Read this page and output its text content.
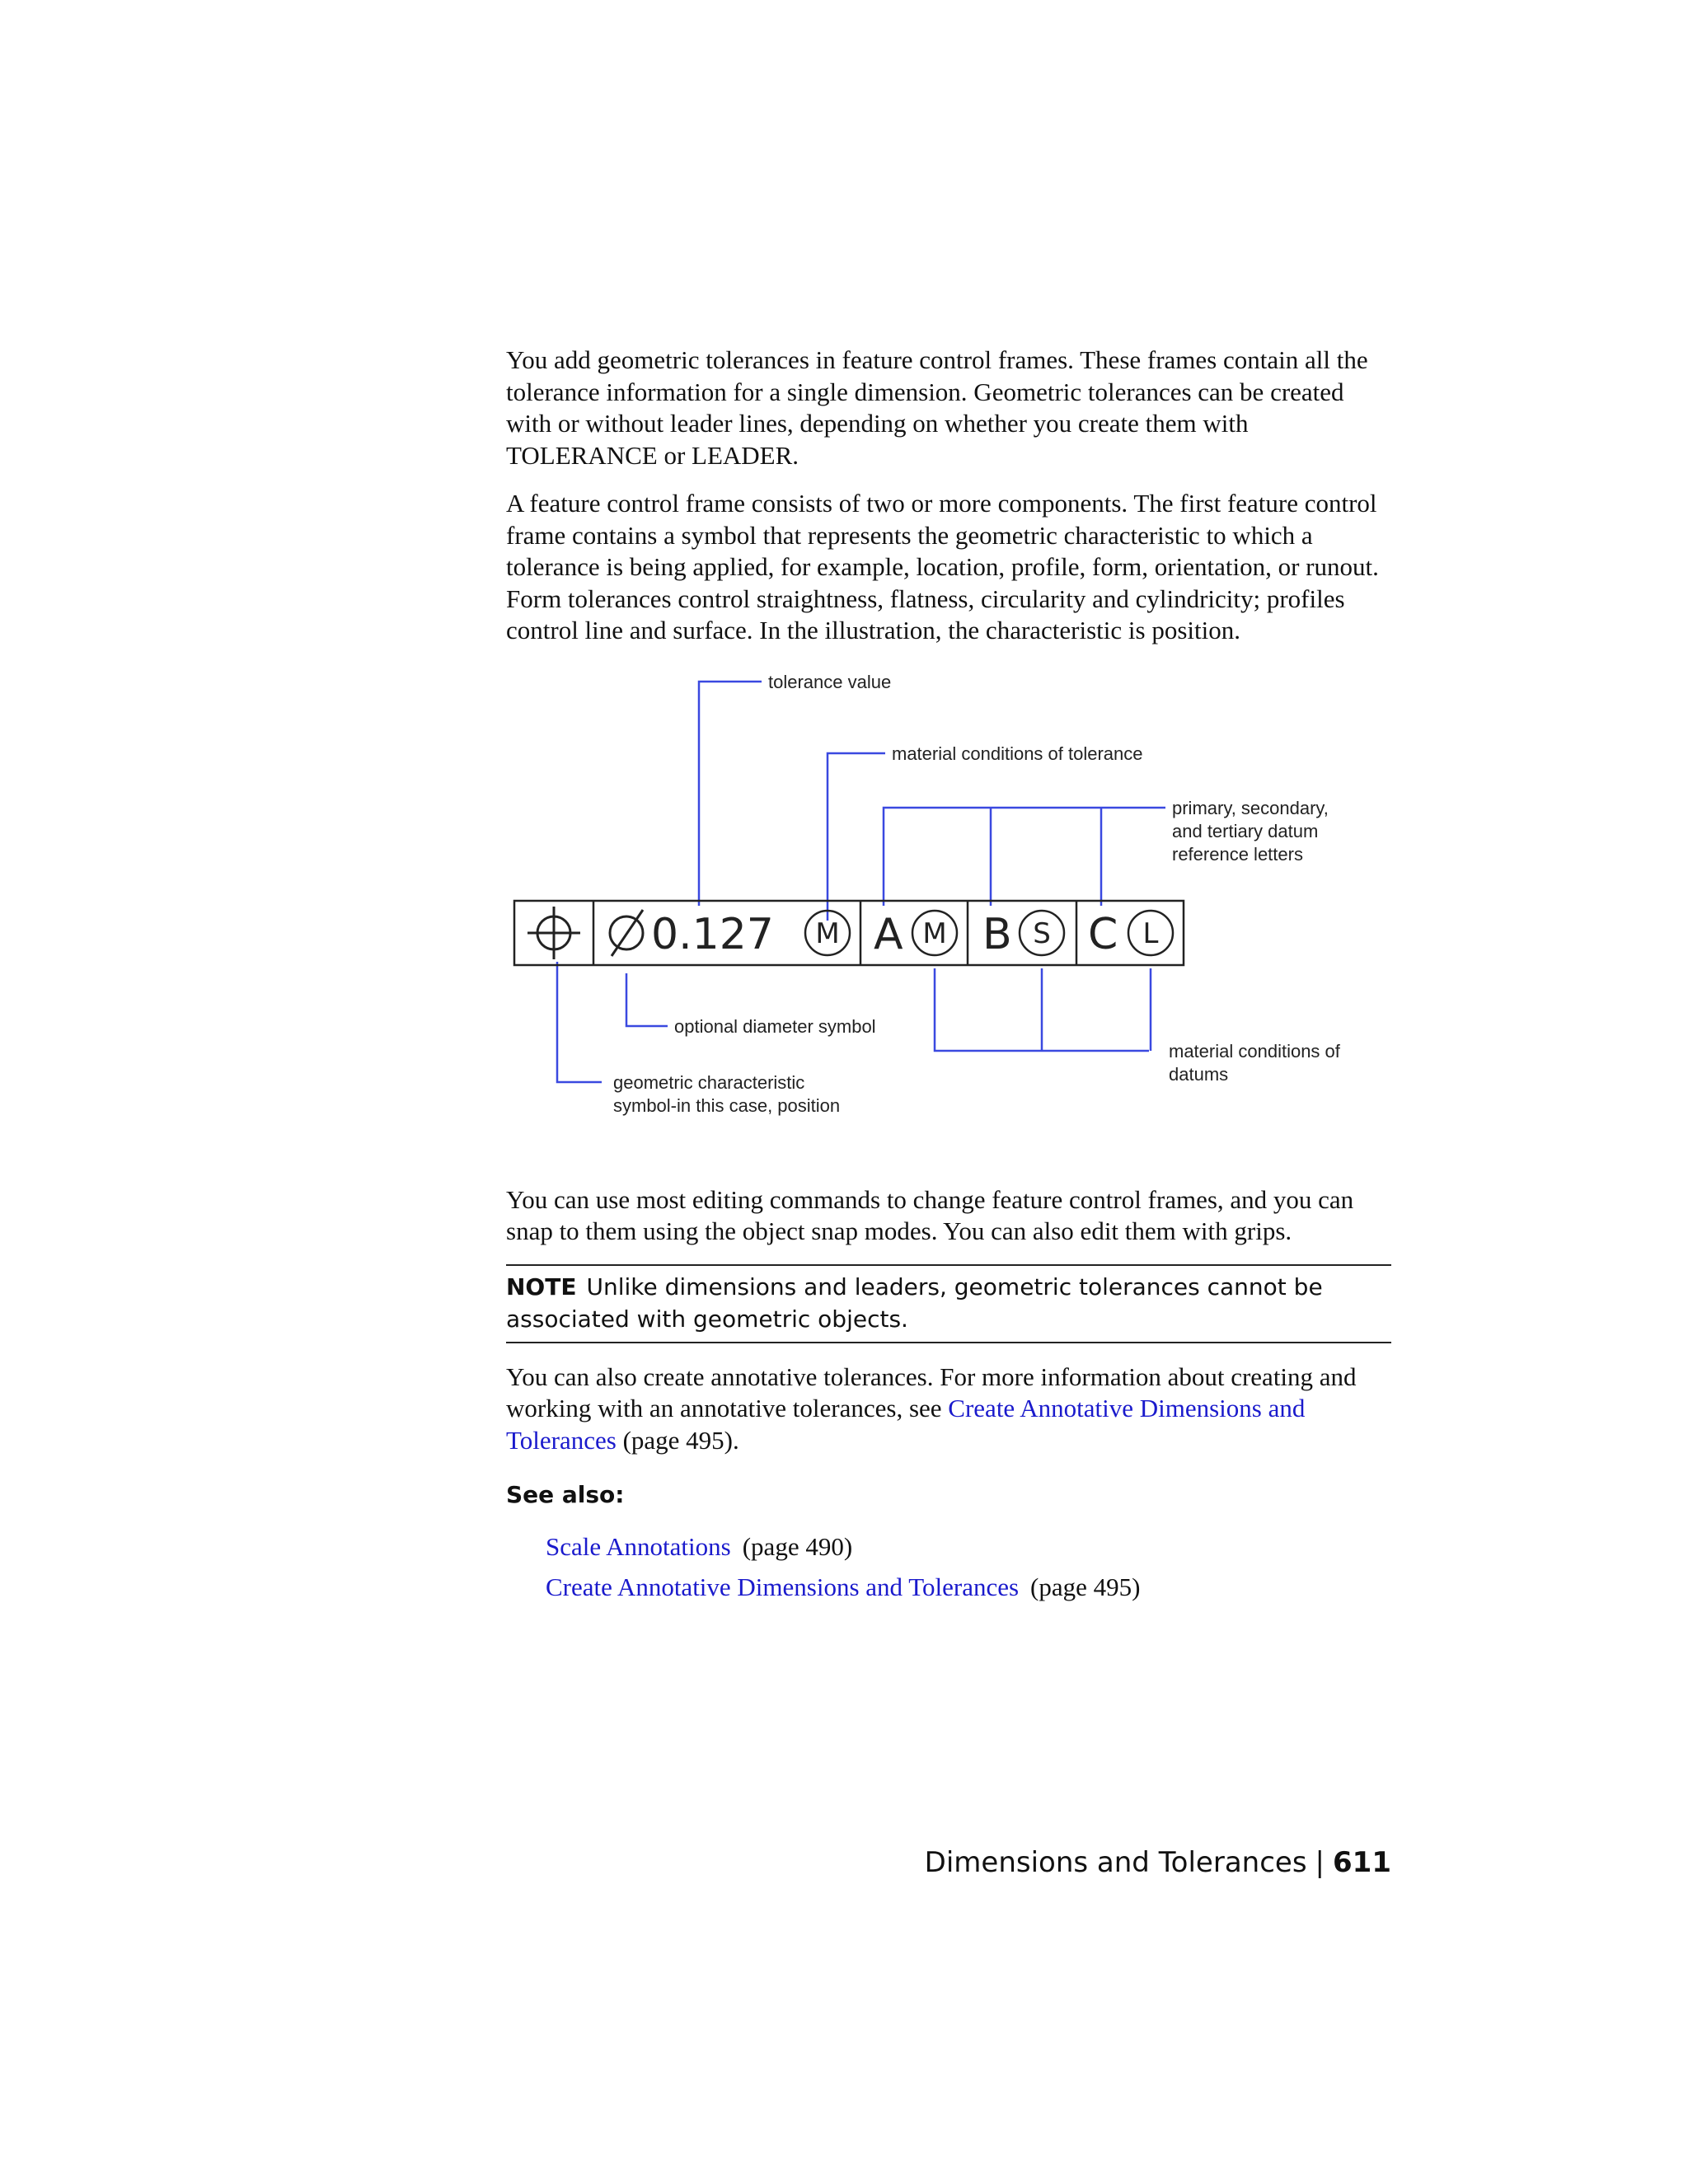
You add geometric tolerances in feature control frames. These frames contain all the tolerance information for a single dimension. Geometric tolerances can be created with or without leader lines, depending on whether you create them with TOLERANCE or LEADER.

A feature control frame consists of two or more components. The first feature control frame contains a symbol that represents the geometric characteristic to which a tolerance is being applied, for example, location, profile, form, orientation, or runout. Form tolerances control straightness, flatness, circularity and cylindricity; profiles control line and surface. In the illustration, the characteristic is position.

0.127 A B C
M	M	S	L
tolerance value
material conditions of tolerance
primary, secondary,
and tertiary datum
reference letters
optional diameter symbol
material conditions of
datums
geometric characteristic
symbol-in this case, position

You can use most editing commands to change feature control frames, and you can snap to them using the object snap modes. You can also edit them with grips.

NOTE Unlike dimensions and leaders, geometric tolerances cannot be associated with geometric objects.

You can also create annotative tolerances. For more information about creating and working with an annotative tolerances, see Create Annotative Dimensions and Tolerances (page 495).

See also:
Scale Annotations (page 490)
Create Annotative Dimensions and Tolerances (page 495)
Dimensions and Tolerances | 611
